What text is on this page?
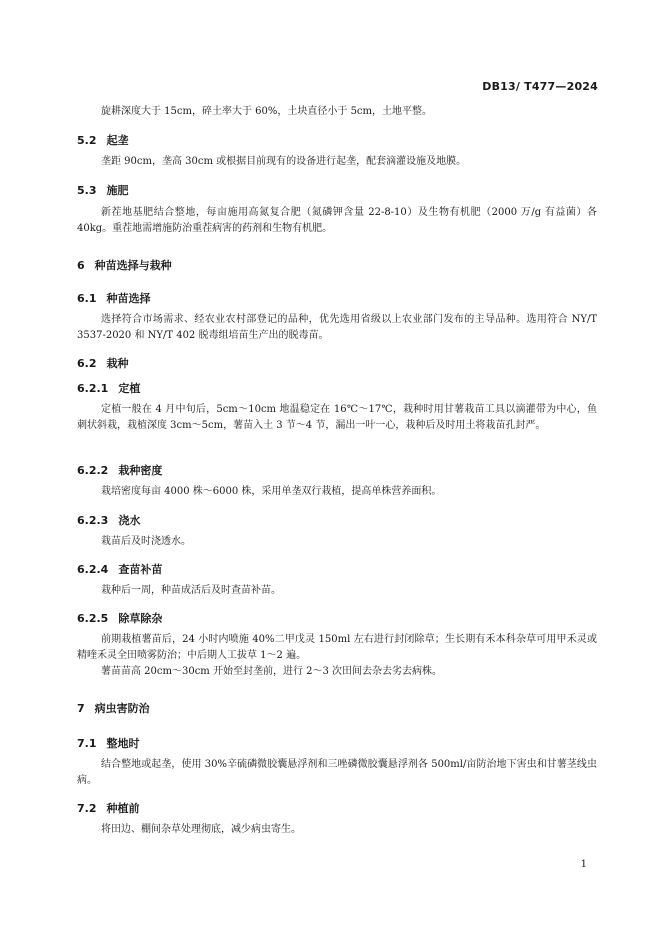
DB13/ T477—2024
旋耕深度大于 15cm，碎土率大于 60%，土块直径小于 5cm，土地平整。
5.2 起垄
垄距 90cm，垄高 30cm 或根据目前现有的设备进行起垄，配套滴灌设施及地膜。
5.3 施肥
新茬地基肥结合整地，每亩施用高氮复合肥（氮磷钾含量 22-8-10）及生物有机肥（2000 万/g 有益菌）各 40kg。重茬地需增施防治重茬病害的药剂和生物有机肥。
6 种苗选择与栽种
6.1 种苗选择
选择符合市场需求、经农业农村部登记的品种，优先选用省级以上农业部门发布的主导品种。选用符合 NY/T 3537-2020 和 NY/T 402 脱毒组培苗生产出的脱毒苗。
6.2 栽种
6.2.1 定植
定植一般在 4 月中旬后，5cm～10cm 地温稳定在 16℃～17℃，栽种时用甘薯栽苗工具以滴灌带为中心，鱼刺状斜栽，栽植深度 3cm～5cm，薯苗入土 3 节～4 节，漏出一叶一心，栽种后及时用土将栽苗孔封严。
6.2.2 栽种密度
栽培密度每亩 4000 株～6000 株，采用单垄双行栽植，提高单株营养面积。
6.2.3 浇水
栽苗后及时浇透水。
6.2.4 查苗补苗
栽种后一周，种苗成活后及时查苗补苗。
6.2.5 除草除杂
前期栽植薯苗后，24 小时内喷施 40%二甲戊灵 150ml 左右进行封闭除草；生长期有禾本科杂草可用甲禾灵或精喹禾灵全田喷雾防治；中后期人工拔草 1～2 遍。
薯苗苗高 20cm～30cm 开始至封垄前，进行 2～3 次田间去杂去劣去病株。
7 病虫害防治
7.1 整地时
结合整地或起垄，使用 30%辛硫磷微胶囊悬浮剂和三唑磷微胶囊悬浮剂各 500ml/亩防治地下害虫和甘薯茎线虫病。
7.2 种植前
将田边、棚间杂草处理彻底，减少病虫寄生。
1
